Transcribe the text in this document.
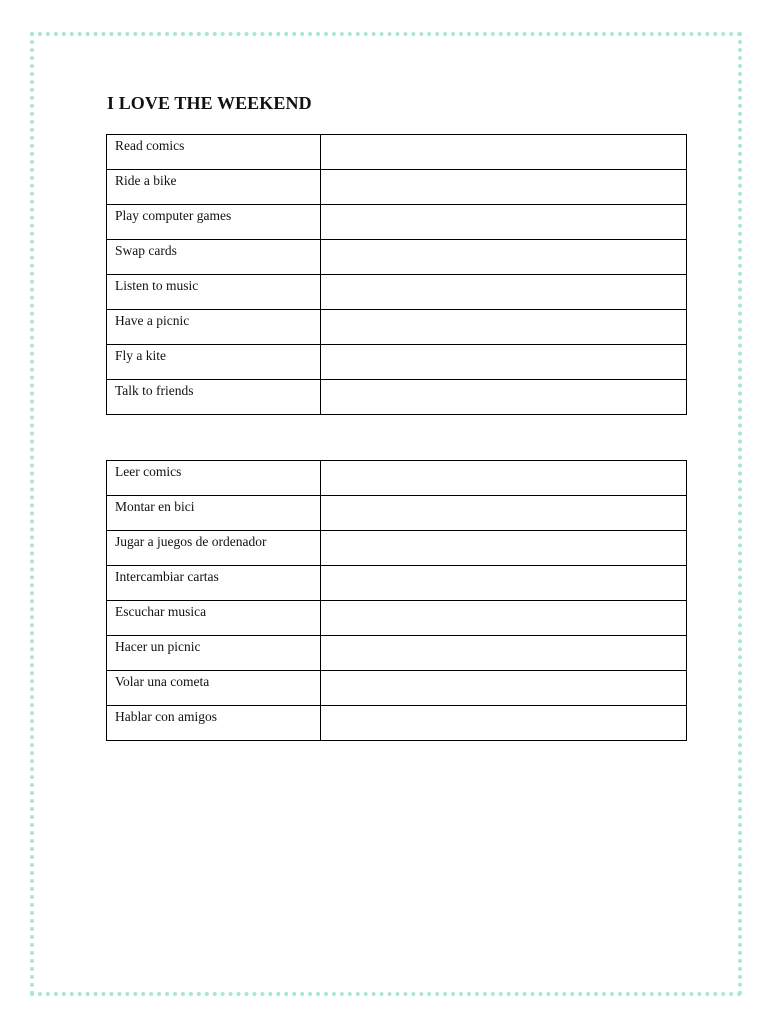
I LOVE THE WEEKEND
Read comics	
Ride a bike	
Play computer games	
Swap cards	
Listen to music	
Have a picnic	
Fly a kite	
Talk to friends	
Leer comics	
Montar en bici	
Jugar a juegos de ordenador	
Intercambiar cartas	
Escuchar musica	
Hacer un picnic	
Volar una cometa	
Hablar con amigos	
